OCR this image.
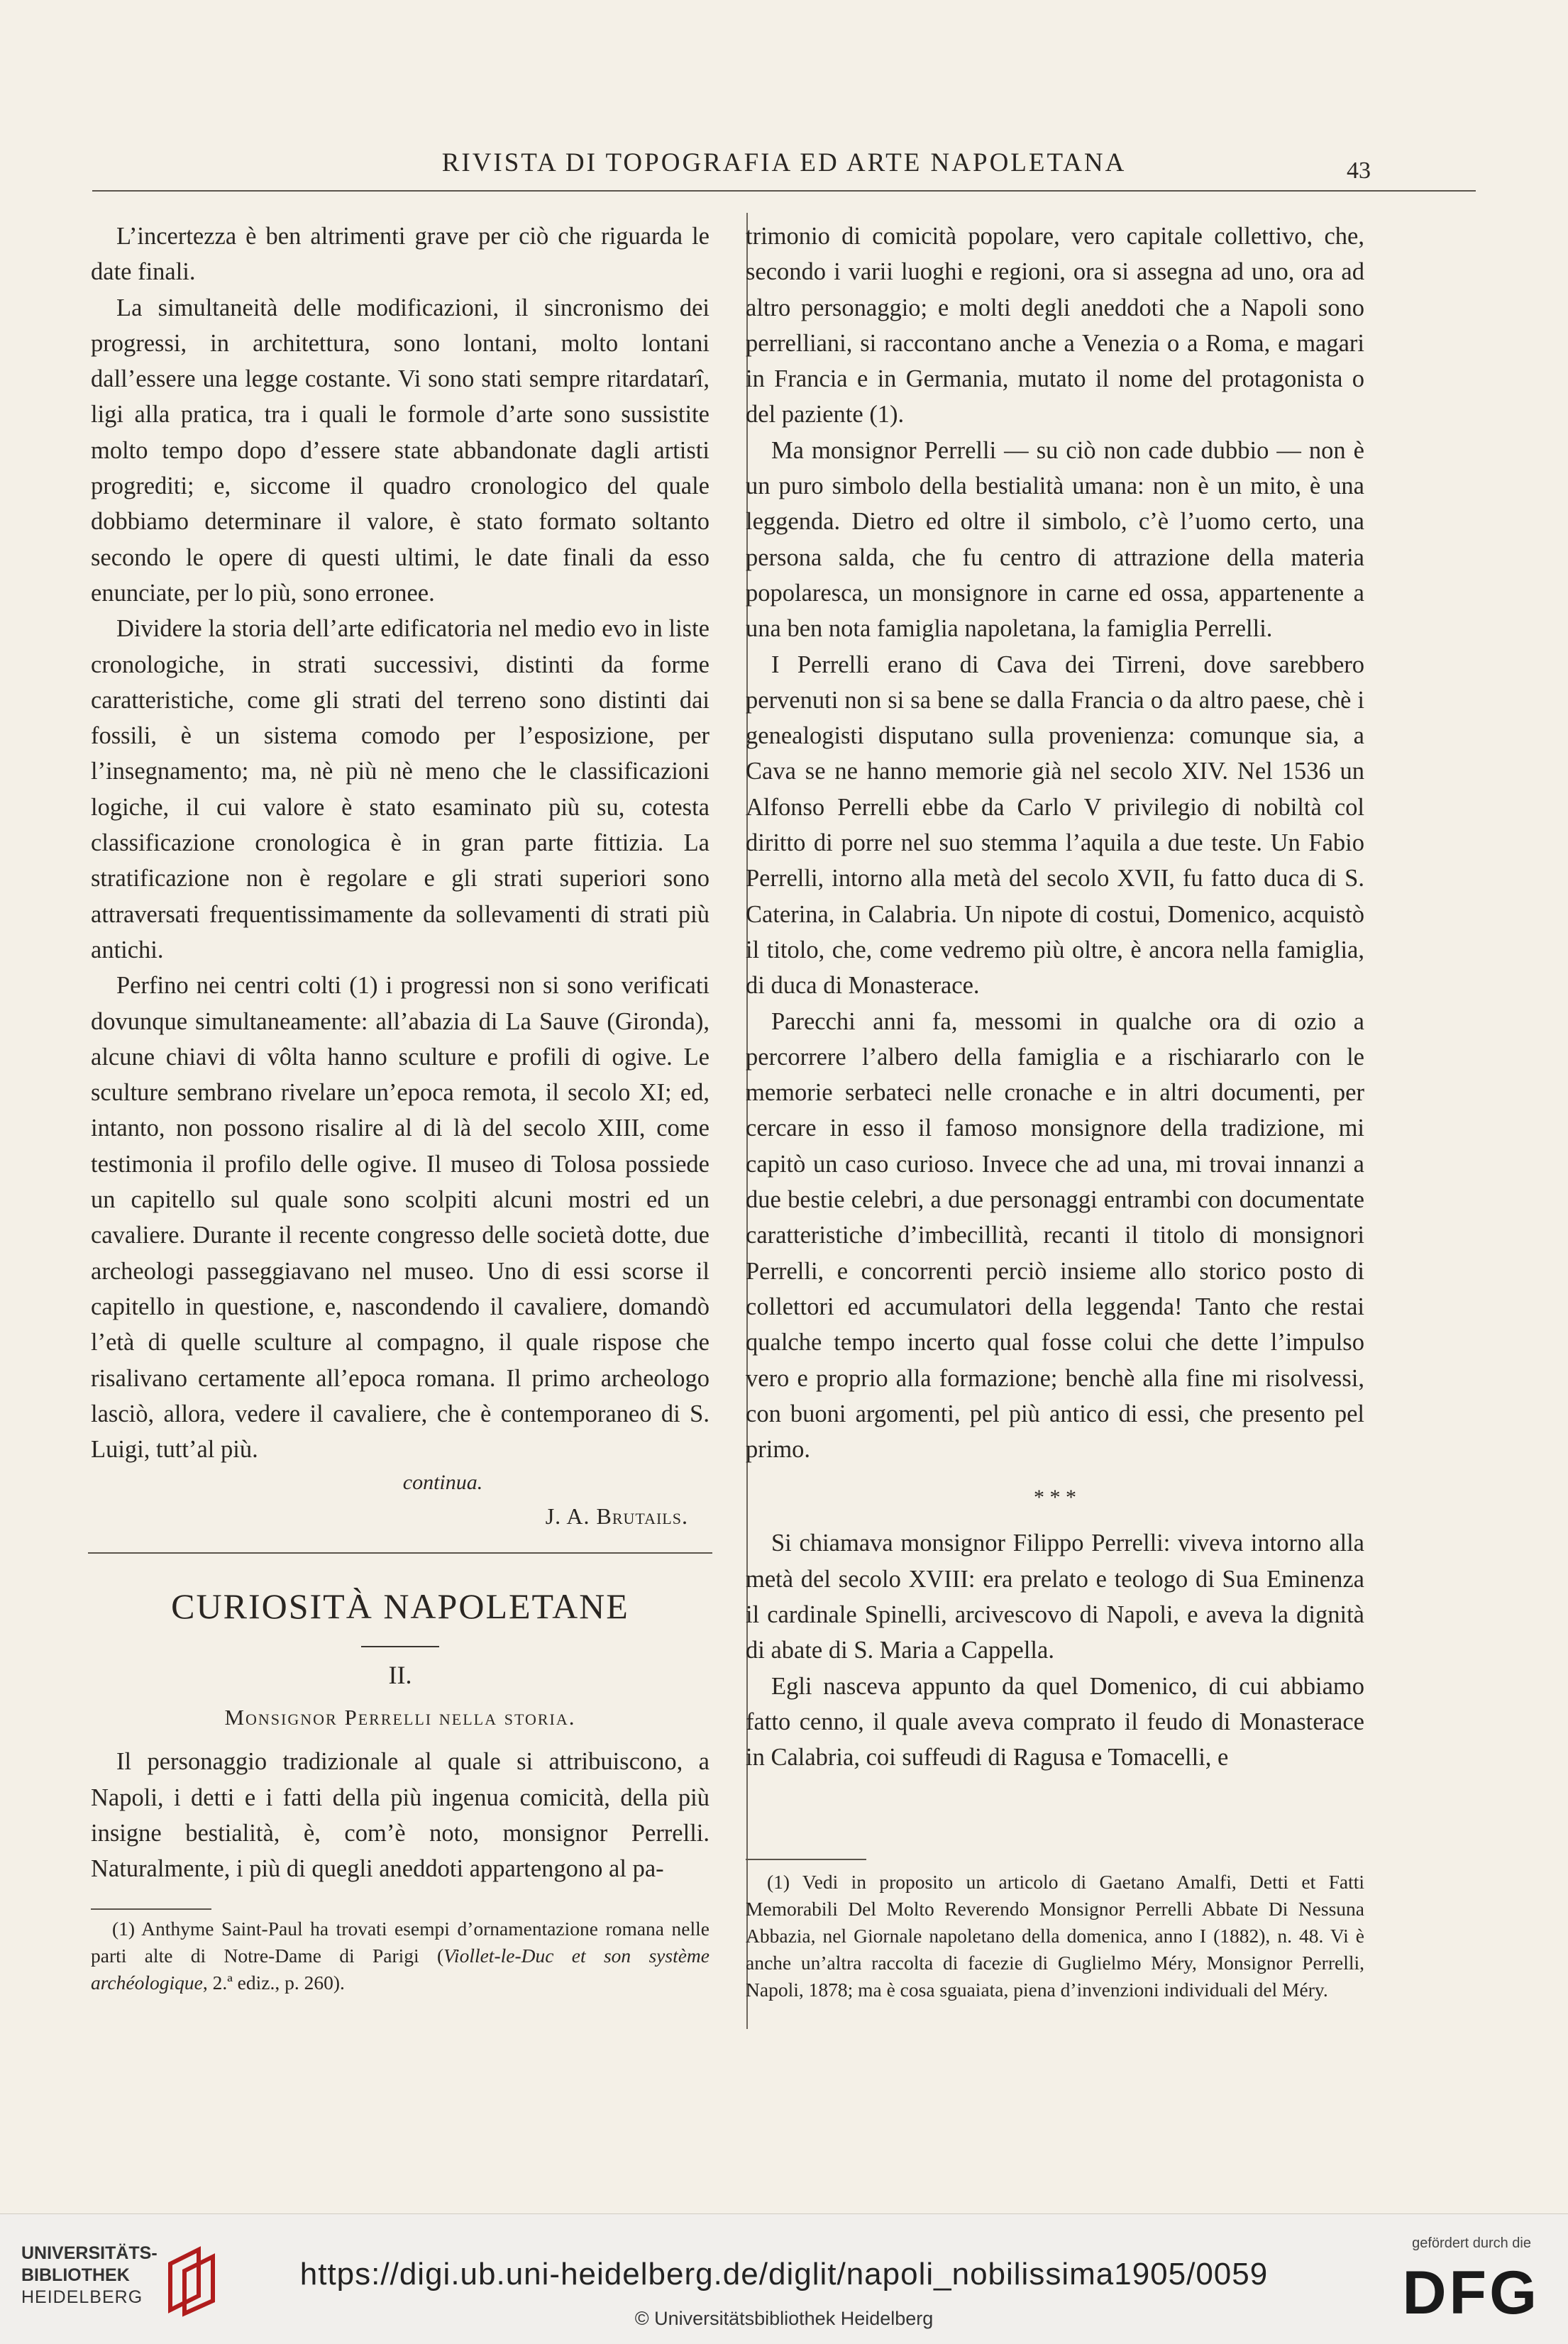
RIVISTA DI TOPOGRAFIA ED ARTE NAPOLETANA	43

L’incertezza è ben altrimenti grave per ciò che riguarda le date finali.

La simultaneità delle modificazioni, il sincronismo dei progressi, in architettura, sono lontani, molto lontani dall’essere una legge costante. Vi sono stati sempre ritardatarî, ligi alla pratica, tra i quali le formole d’arte sono sussistite molto tempo dopo d’essere state abbandonate dagli artisti progrediti; e, siccome il quadro cronologico del quale dobbiamo determinare il valore, è stato formato soltanto secondo le opere di questi ultimi, le date finali da esso enunciate, per lo più, sono erronee.

Dividere la storia dell’arte edificatoria nel medio evo in liste cronologiche, in strati successivi, distinti da forme caratteristiche, come gli strati del terreno sono distinti dai fossili, è un sistema comodo per l’esposizione, per l’insegnamento; ma, nè più nè meno che le classificazioni logiche, il cui valore è stato esaminato più su, cotesta classificazione cronologica è in gran parte fittizia. La stratificazione non è regolare e gli strati superiori sono attraversati frequentissimamente da sollevamenti di strati più antichi.

Perfino nei centri colti (1) i progressi non si sono verificati dovunque simultaneamente: all’abazia di La Sauve (Gironda), alcune chiavi di vôlta hanno sculture e profili di ogive. Le sculture sembrano rivelare un’epoca remota, il secolo XI; ed, intanto, non possono risalire al di là del secolo XIII, come testimonia il profilo delle ogive. Il museo di Tolosa possiede un capitello sul quale sono scolpiti alcuni mostri ed un cavaliere. Durante il recente congresso delle società dotte, due archeologi passeggiavano nel museo. Uno di essi scorse il capitello in questione, e, nascondendo il cavaliere, domandò l’età di quelle sculture al compagno, il quale rispose che risalivano certamente all’epoca romana. Il primo archeologo lasciò, allora, vedere il cavaliere, che è contemporaneo di S. Luigi, tutt’al più.

continua.
J. A. Brutails.
CURIOSITÀ NAPOLETANE
II.
Monsignor Perrelli nella storia.

Il personaggio tradizionale al quale si attribuiscono, a Napoli, i detti e i fatti della più ingenua comicità, della più insigne bestialità, è, com’è noto, monsignor Perrelli. Naturalmente, i più di quegli aneddoti appartengono al pa-

(1) Anthyme Saint-Paul ha trovati esempi d’ornamentazione romana nelle parti alte di Notre-Dame di Parigi (Viollet-le-Duc et son système archéologique, 2.ª ediz., p. 260).

trimonio di comicità popolare, vero capitale collettivo, che, secondo i varii luoghi e regioni, ora si assegna ad uno, ora ad altro personaggio; e molti degli aneddoti che a Napoli sono perrelliani, si raccontano anche a Venezia o a Roma, e magari in Francia e in Germania, mutato il nome del protagonista o del paziente (1).

Ma monsignor Perrelli — su ciò non cade dubbio — non è un puro simbolo della bestialità umana: non è un mito, è una leggenda. Dietro ed oltre il simbolo, c’è l’uomo certo, una persona salda, che fu centro di attrazione della materia popolaresca, un monsignore in carne ed ossa, appartenente a una ben nota famiglia napoletana, la famiglia Perrelli.

I Perrelli erano di Cava dei Tirreni, dove sarebbero pervenuti non si sa bene se dalla Francia o da altro paese, chè i genealogisti disputano sulla provenienza: comunque sia, a Cava se ne hanno memorie già nel secolo XIV. Nel 1536 un Alfonso Perrelli ebbe da Carlo V privilegio di nobiltà col diritto di porre nel suo stemma l’aquila a due teste. Un Fabio Perrelli, intorno alla metà del secolo XVII, fu fatto duca di S. Caterina, in Calabria. Un nipote di costui, Domenico, acquistò il titolo, che, come vedremo più oltre, è ancora nella famiglia, di duca di Monasterace.

Parecchi anni fa, messomi in qualche ora di ozio a percorrere l’albero della famiglia e a rischiararlo con le memorie serbateci nelle cronache e in altri documenti, per cercare in esso il famoso monsignore della tradizione, mi capitò un caso curioso. Invece che ad una, mi trovai innanzi a due bestie celebri, a due personaggi entrambi con documentate caratteristiche d’imbecillità, recanti il titolo di monsignori Perrelli, e concorrenti perciò insieme allo storico posto di collettori ed accumulatori della leggenda! Tanto che restai qualche tempo incerto qual fosse colui che dette l’impulso vero e proprio alla formazione; benchè alla fine mi risolvessi, con buoni argomenti, pel più antico di essi, che presento pel primo.

* * *

Si chiamava monsignor Filippo Perrelli: viveva intorno alla metà del secolo XVIII: era prelato e teologo di Sua Eminenza il cardinale Spinelli, arcivescovo di Napoli, e aveva la dignità di abate di S. Maria a Cappella.

Egli nasceva appunto da quel Domenico, di cui abbiamo fatto cenno, il quale aveva comprato il feudo di Monasterace in Calabria, coi suffeudi di Ragusa e Tomacelli, e

(1) Vedi in proposito un articolo di Gaetano Amalfi, Detti et Fatti Memorabili Del Molto Reverendo Monsignor Perrelli Abbate Di Nessuna Abbazia, nel Giornale napoletano della domenica, anno I (1882), n. 48. Vi è anche un’altra raccolta di facezie di Guglielmo Méry, Monsignor Perrelli, Napoli, 1878; ma è cosa sguaiata, piena d’invenzioni individuali del Méry.
UNIVERSITÄTS-
BIBLIOTHEK
HEIDELBERG
https://digi.ub.uni-heidelberg.de/diglit/napoli_nobilissima1905/0059
© Universitätsbibliothek Heidelberg
gefördert durch die
DFG
